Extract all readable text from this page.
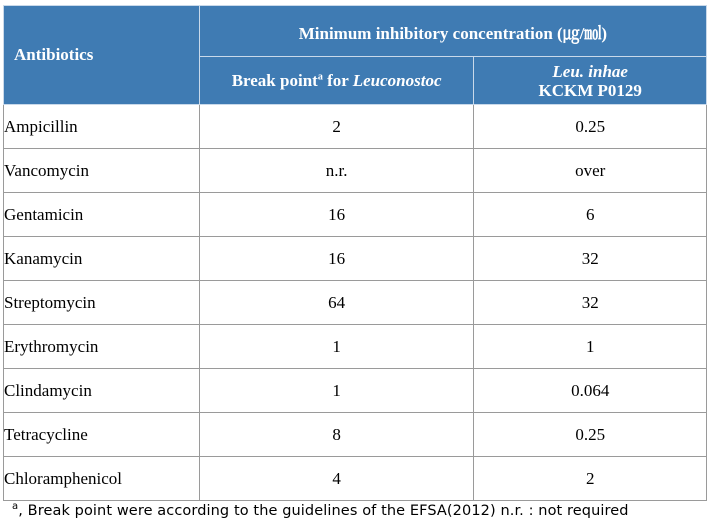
Antibiotics	Minimum inhibitory concentration (㎍/㏖)	
	Break point$^a$ for Leuconostoc	Leu. inhae
KCKM P0129
Ampicillin	2	0.25
Vancomycin	n.r.	over
Gentamicin	16	6
Kanamycin	16	32
Streptomycin	64	32
Erythromycin	1	1
Clindamycin	1	0.064
Tetracycline	8	0.25
Chloramphenicol	4	2
$^a$, Break point were according to the guidelines of the EFSA(2012) n.r. : not required
